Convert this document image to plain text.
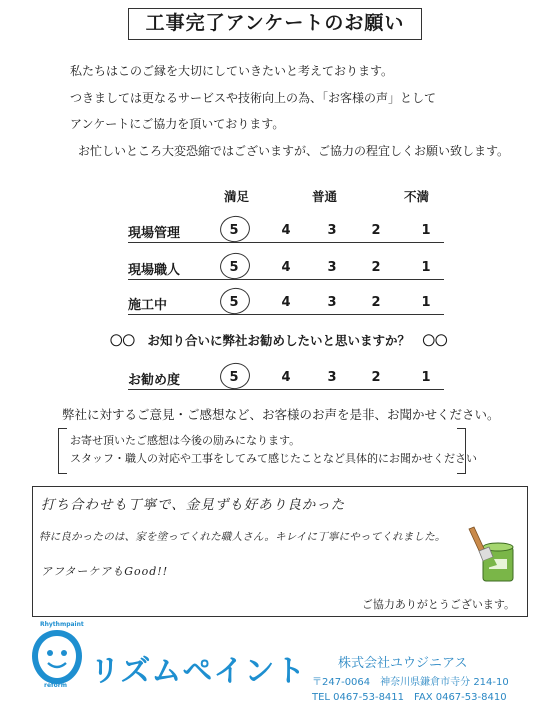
工事完了アンケートのお願い
私たちはこのご縁を大切にしていきたいと考えております。
つきましては更なるサービスや技術向上の為、「お客様の声」として
アンケートにご協力を頂いております。
お忙しいところ大変恐縮ではございますが、ご協力の程宜しくお願い致します。
満足	普通	不満
現場管理	5	4	3	2	1
現場職人	5	4	3	2	1
施工中	5	4	3	2	1
〇〇　お知り合いに弊社お勧めしたいと思いますか？　〇〇
お勧め度	5	4	3	2	1
弊社に対するご意見・ご感想など、お客様のお声を是非、お聞かせください。
お寄せ頂いたご感想は今後の励みになります。
スタッフ・職人の対応や工事をしてみて感じたことなど具体的にお聞かせください
打ち合わせも丁寧で、金見ずも好あり良かった
特に良かったのは、家を塗ってくれた職人さん。キレイに丁寧にやってくれました。
アフターケアもGood!!
ご協力ありがとうございます。
Rhythmpaint
reform リズムペイント 株式会社ユウジニアス
〒247-0064　神奈川県鎌倉市寺分 214-10
TEL 0467-53-8411　FAX 0467-53-8410
